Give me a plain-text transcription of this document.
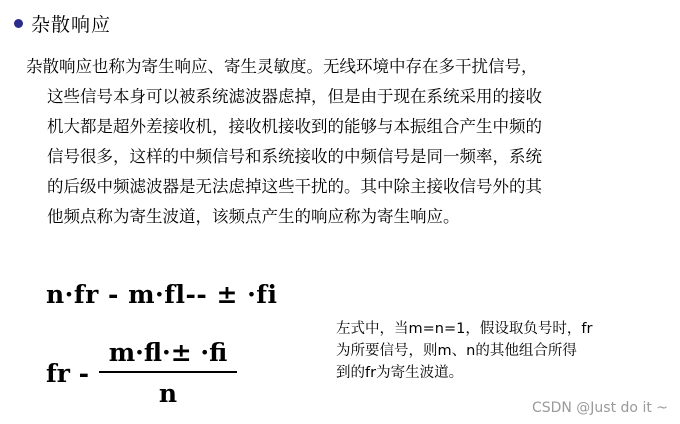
杂散响应
杂散响应也称为寄生响应、寄生灵敏度。无线环境中存在多干扰信号，
这些信号本身可以被系统滤波器虑掉，但是由于现在系统采用的接收
机大都是超外差接收机，接收机接收到的能够与本振组合产生中频的
信号很多，这样的中频信号和系统接收的中频信号是同一频率，系统
的后级中频滤波器是无法虑掉这些干扰的。其中除主接收信号外的其
他频点称为寄生波道，该频点产生的响应称为寄生响应。
n·fr - m·fl-- ± ·fi
fr - $\frac{m\cdot fl\cdot\pm \cdot fi}{n}$
左式中，当m=n=1，假设取负号时，fr
为所要信号，则m、n的其他组合所得
到的fr为寄生波道。
CSDN @Just do it ~
